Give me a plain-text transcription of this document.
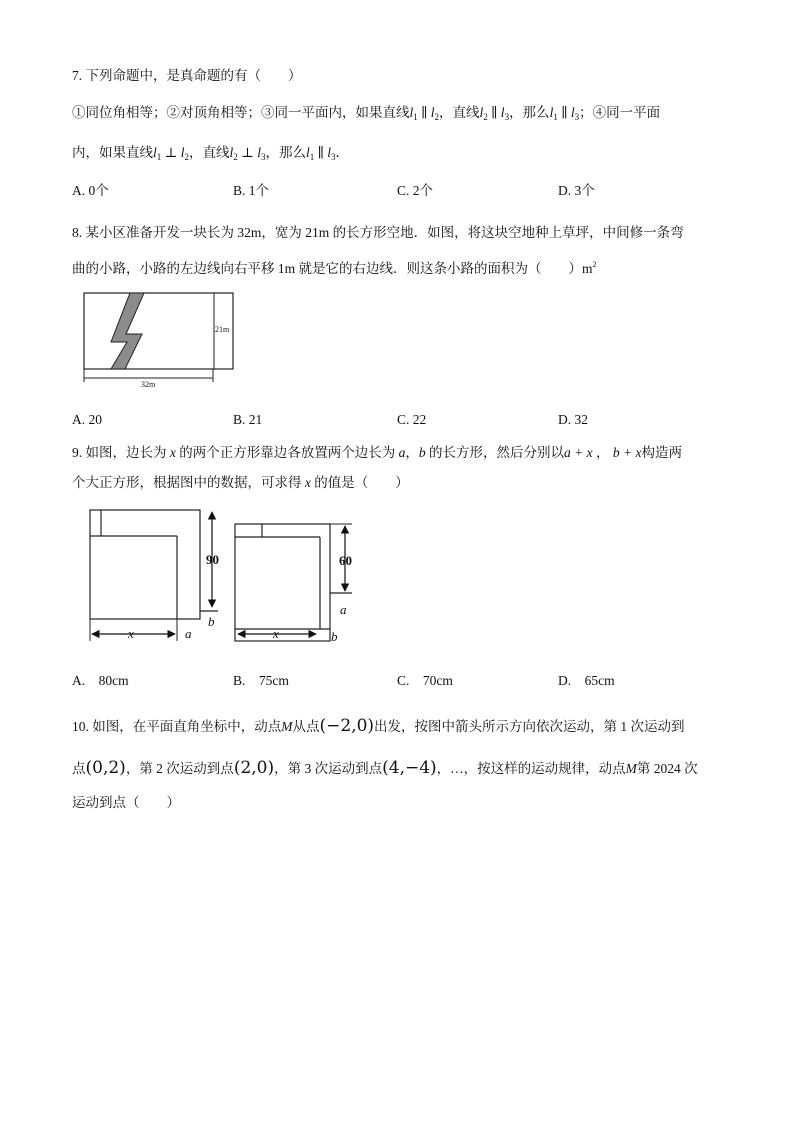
7. 下列命题中，是真命题的有（　　）
①同位角相等；②对顶角相等；③同一平面内，如果直线$l_1$ ∥ $l_2$，直线$l_2$ ∥ $l_3$，那么$l_1$ ∥ $l_3$；④同一平面
内，如果直线$l_1$ ⊥ $l_2$，直线$l_2$ ⊥ $l_3$，那么$l_1$ ∥ $l_3$．
A. 0个	B. 1个	C. 2个	D. 3个
8. 某小区准备开发一块长为 32m，宽为 21m 的长方形空地．如图，将这块空地种上草坪，中间修一条弯
曲的小路，小路的左边线向右平移 1m 就是它的右边线．则这条小路的面积为（　　）$m^2$
21m
32m
A. 20	B. 21	C. 22	D. 32
9. 如图，边长为 x 的两个正方形靠边各放置两个边长为 a，b 的长方形，然后分别以a + x ， b + x构造两
个大正方形，根据图中的数据，可求得 x 的值是（　　）
90
x	a
b
60
x
a
b
A.　80cm	B.　75cm	C.　70cm	D.　65cm
10. 如图，在平面直角坐标中，动点M从点(−2,0)出发，按图中箭头所示方向依次运动，第 1 次运动到
点(0,2)，第 2 次运动到点(2,0)，第 3 次运动到点(4,−4)，…，按这样的运动规律，动点M第 2024 次
运动到点（　　）
